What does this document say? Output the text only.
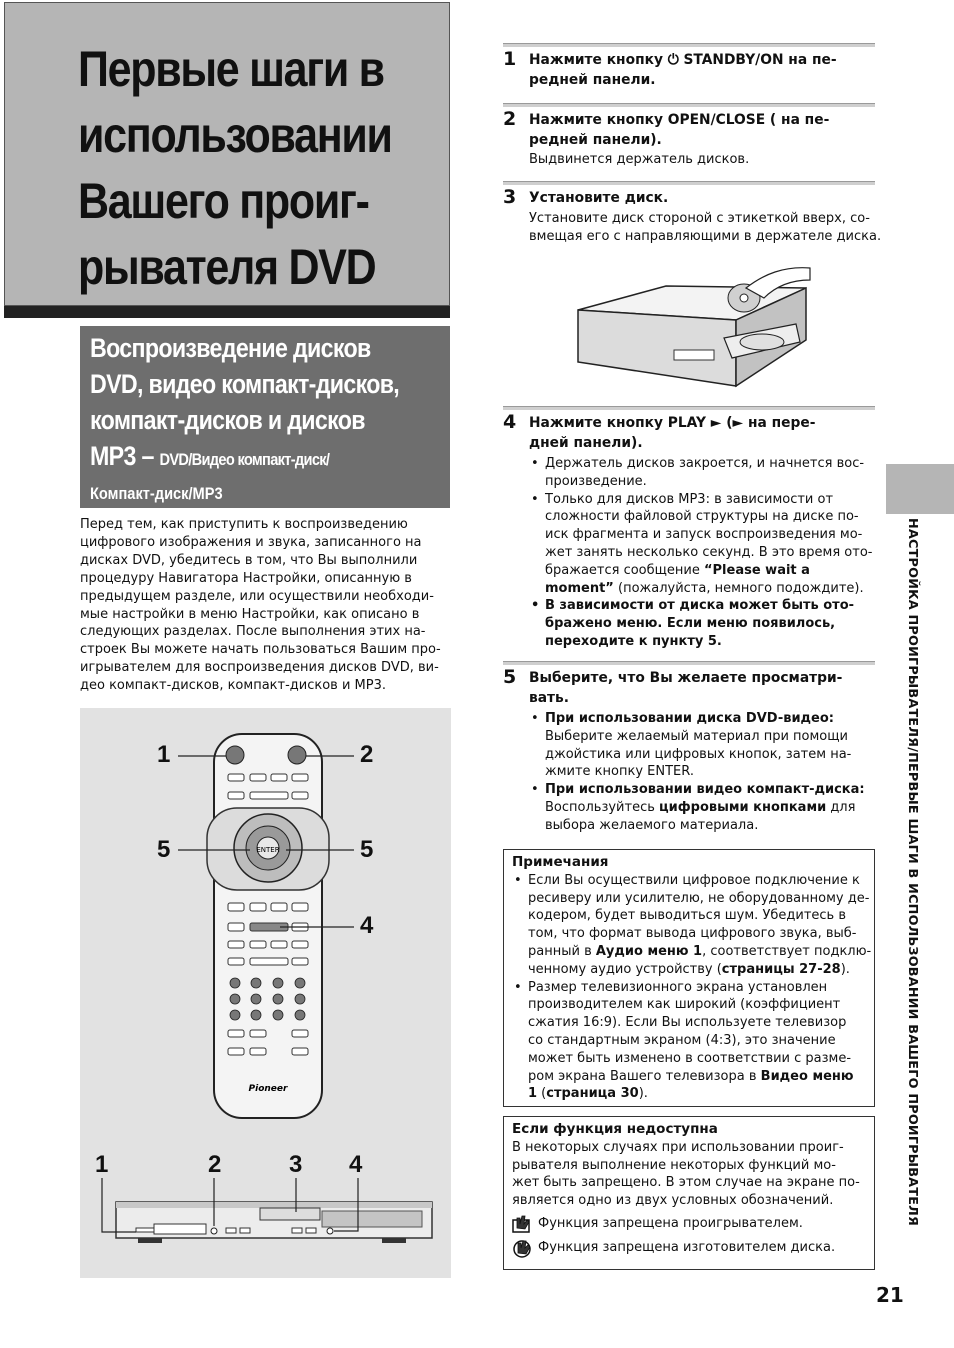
Первые шаги в
использовании
Вашего проиг-
рывателя DVD
Воспроизведение дисков
DVD, видео компакт-дисков,
компакт-дисков и дисков
MP3 – DVD/Видео компакт-диск/
Компакт-диск/MP3
Перед тем, как приступить к воспроизведению
цифрового изображения и звука, записанного на
дисках DVD, убедитесь в том, что Вы выполнили
процедуру Навигатора Настройки, описанную в
предыдущем разделе, или осуществили необходи-
мые настройки в меню Настройки, как описано в
следующих разделах. После выполнения этих на-
строек Вы можете начать пользоваться Вашим про-
игрывателем для воспроизведения дисков DVD, ви-
део компакт-дисков, компакт-дисков и MP3.
ENTER
Pioneer
1	2
5	5
4
1	2	3 4
1 Нажмите кнопку ⏻ STANDBY/ON на пе-
редней панели.
2 Нажмите кнопку OPEN/CLOSE ( на пе-
редней панели).
Выдвинется держатель дисков.
3 Установите диск.
Установите диск стороной с этикеткой вверх, со-
вмещая его с направляющими в держателе диска.
4 Нажмите кнопку PLAY ► (► на пере-
дней панели).
• Держатель дисков закроется, и начнется вос-
произведение.
• Только для дисков MP3: в зависимости от
сложности файловой структуры на диске по-
иск фрагмента и запуск воспроизведения мо-
жет занять несколько секунд. В это время ото-
бражается сообщение “Please wait a
moment” (пожалуйста, немного подождите).
• В зависимости от диска может быть ото-
бражено меню. Если меню появилось,
переходите к пункту 5.
5 Выберите, что Вы желаете просматри-
вать.
• При использовании диска DVD-видео:
Выберите желаемый материал при помощи
джойстика или цифровых кнопок, затем на-
жмите кнопку ENTER.
• При использовании видео компакт-диска:
Воспользуйтесь цифровыми кнопками для
выбора желаемого материала.
Примечания
• Если Вы осуществили цифровое подключение к
ресиверу или усилителю, не оборудованному де-
кодером, будет выводиться шум. Убедитесь в
том, что формат вывода цифрового звука, выб-
ранный в Аудио меню 1, соответствует подклю-
ченному аудио устройству (страницы 27-28).
• Размер телевизионного экрана установлен
производителем как широкий (коэффициент
сжатия 16:9). Если Вы используете телевизор
со стандартным экраном (4:3), это значение
может быть изменено в соответствии с разме-
ром экрана Вашего телевизора в Видео меню
1 (страница 30).
Если функция недоступна
В некоторых случаях при использовании проиг-
рывателя выполнение некоторых функций мо-
жет быть запрещено. В этом случае на экране по-
является одно из двух условных обозначений.
Функция запрещена проигрывателем.
Функция запрещена изготовителем диска.
НАСТРОЙКА ПРОИГРЫВАТЕЛЯ/ПЕРВЫЕ ШАГИ В ИСПОЛЬЗОВАНИИ ВАШЕГО ПРОИГРЫВАТЕЛЯ
21
